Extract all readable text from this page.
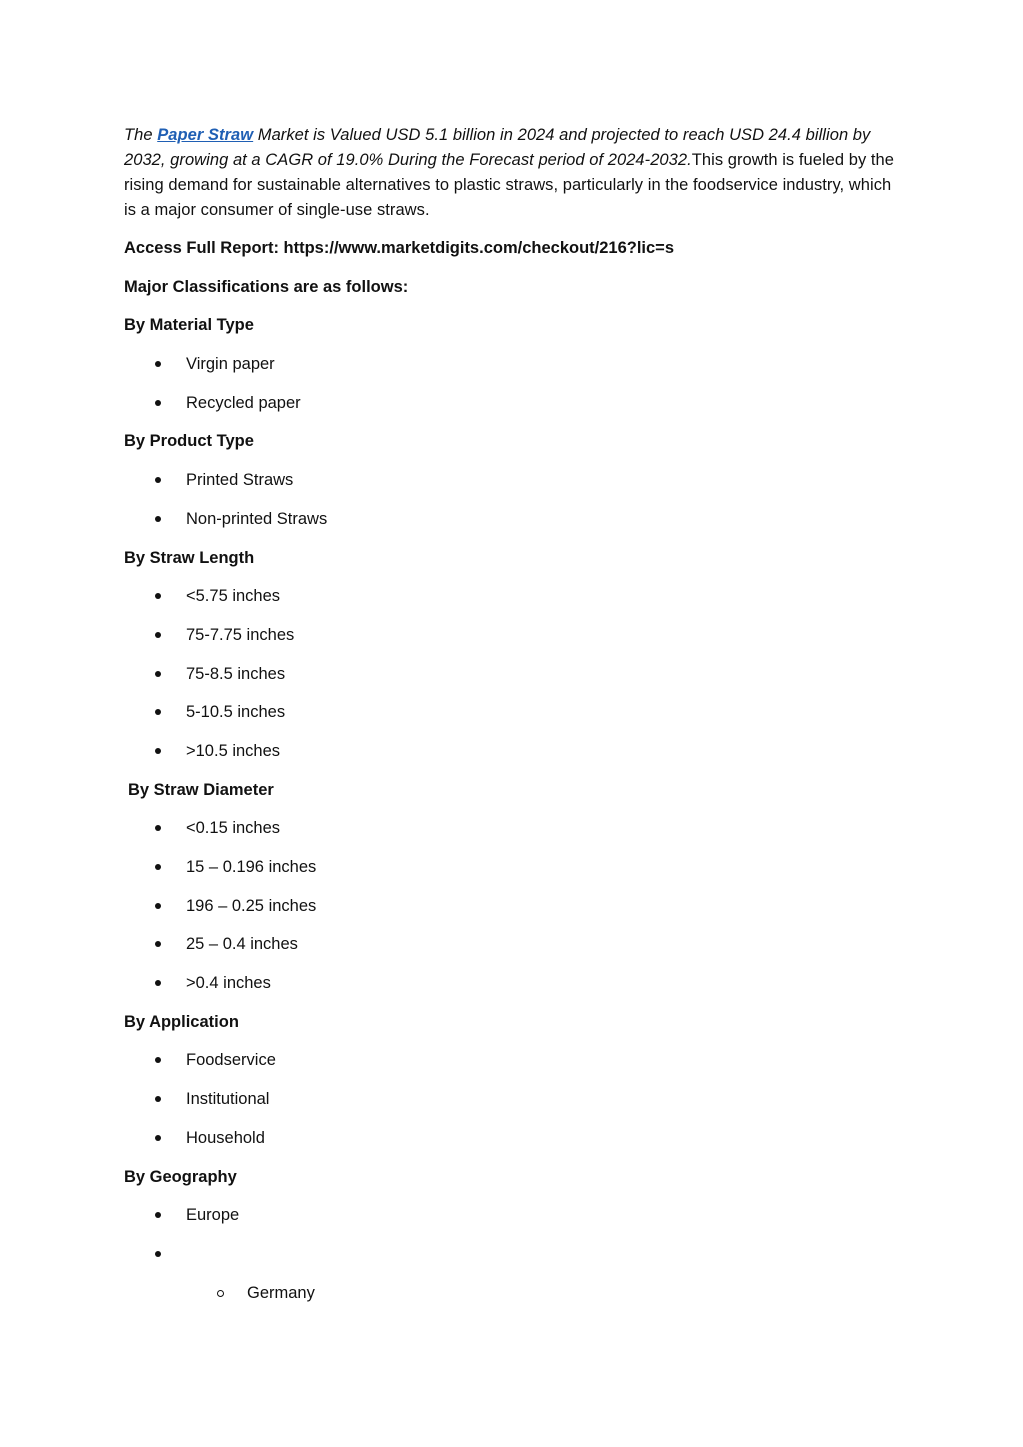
The Paper Straw Market is Valued USD 5.1 billion in 2024 and projected to reach USD 24.4 billion by 2032, growing at a CAGR of 19.0% During the Forecast period of 2024-2032.This growth is fueled by the rising demand for sustainable alternatives to plastic straws, particularly in the foodservice industry, which is a major consumer of single-use straws.

Access Full Report: https://www.marketdigits.com/checkout/216?lic=s

Major Classifications are as follows:

By Material Type

Virgin paper
Recycled paper

By Product Type

Printed Straws
Non-printed Straws

By Straw Length

<5.75 inches
75-7.75 inches
75-8.5 inches
5-10.5 inches
>10.5 inches

By Straw Diameter

<0.15 inches
15 – 0.196 inches
196 – 0.25 inches
25 – 0.4 inches
>0.4 inches

By Application

Foodservice
Institutional
Household

By Geography

Europe
Germany
